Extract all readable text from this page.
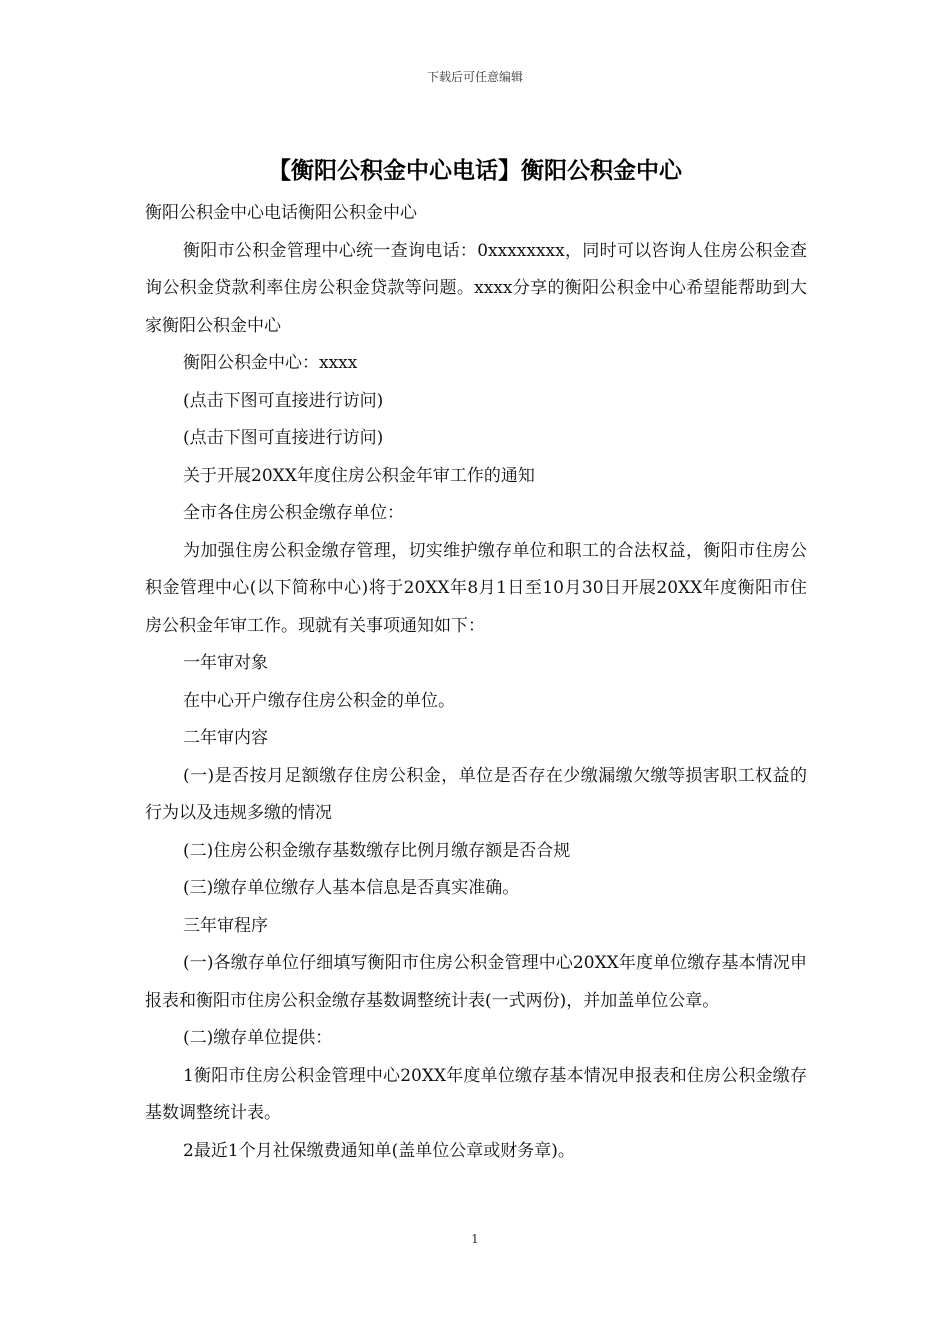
下载后可任意编辑
【衡阳公积金中心电话】衡阳公积金中心

衡阳公积金中心电话衡阳公积金中心

衡阳市公积金管理中心统一查询电话：0xxxxxxxx，同时可以咨询人住房公积金查询公积金贷款利率住房公积金贷款等问题。xxxx分享的衡阳公积金中心希望能帮助到大家衡阳公积金中心

衡阳公积金中心：xxxx

(点击下图可直接进行访问)

(点击下图可直接进行访问)

关于开展20XX年度住房公积金年审工作的通知

全市各住房公积金缴存单位：

为加强住房公积金缴存管理，切实维护缴存单位和职工的合法权益，衡阳市住房公积金管理中心(以下简称中心)将于20XX年8月1日至10月30日开展20XX年度衡阳市住房公积金年审工作。现就有关事项通知如下：

一年审对象

在中心开户缴存住房公积金的单位。

二年审内容

(一)是否按月足额缴存住房公积金，单位是否存在少缴漏缴欠缴等损害职工权益的行为以及违规多缴的情况

(二)住房公积金缴存基数缴存比例月缴存额是否合规

(三)缴存单位缴存人基本信息是否真实准确。

三年审程序

(一)各缴存单位仔细填写衡阳市住房公积金管理中心20XX年度单位缴存基本情况申报表和衡阳市住房公积金缴存基数调整统计表(一式两份)，并加盖单位公章。

(二)缴存单位提供：

1衡阳市住房公积金管理中心20XX年度单位缴存基本情况申报表和住房公积金缴存基数调整统计表。

2最近1个月社保缴费通知单(盖单位公章或财务章)。

1
